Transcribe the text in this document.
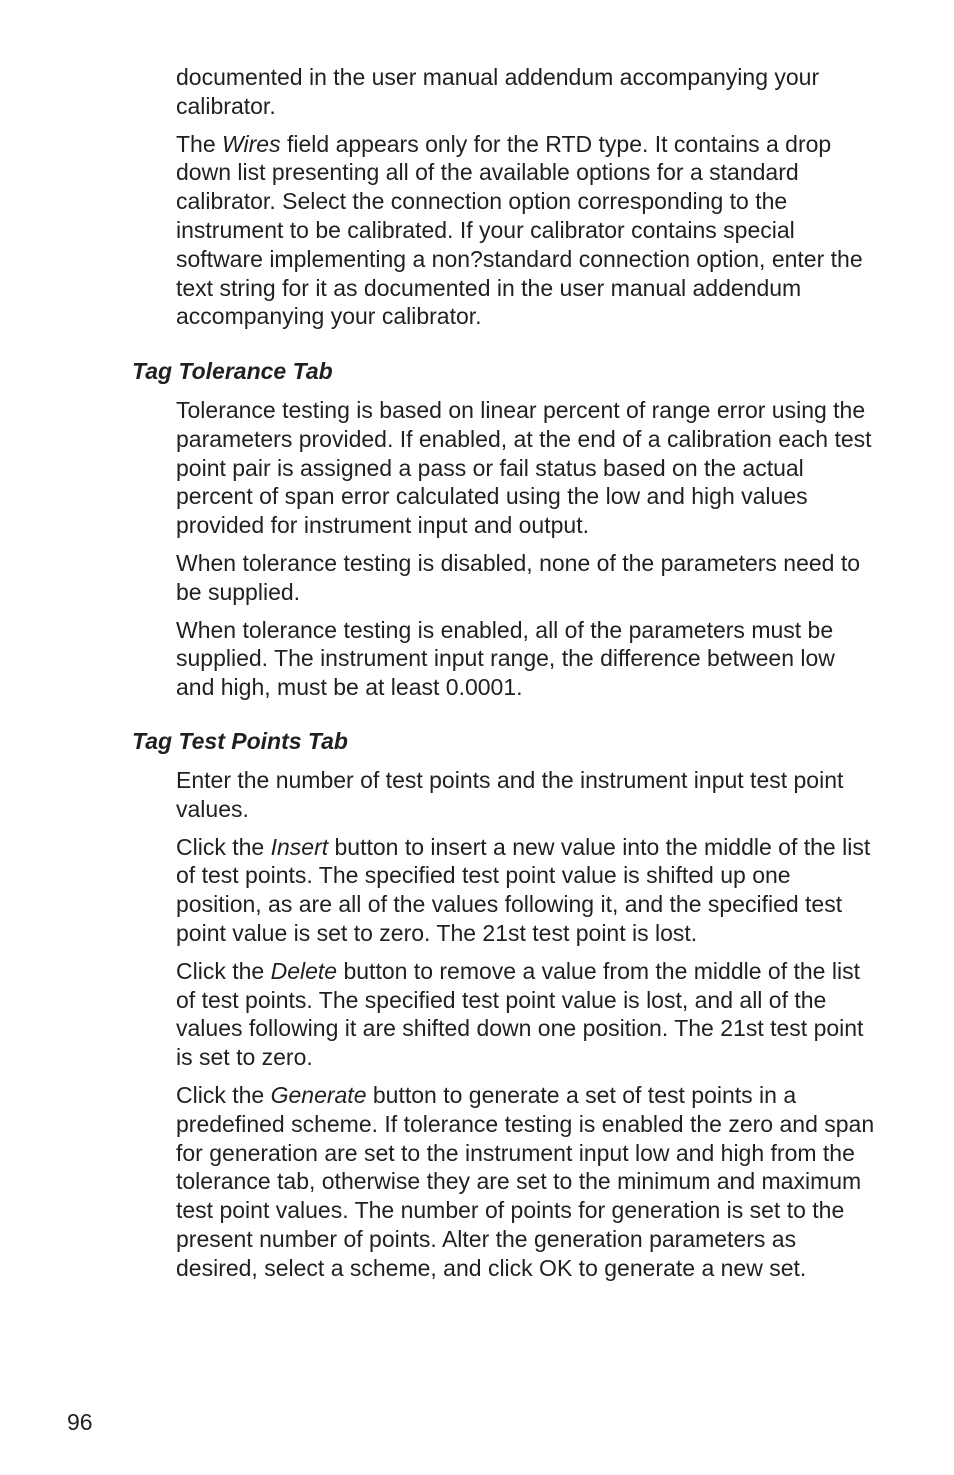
documented in the user manual addendum accompanying your calibrator.

The Wires field appears only for the RTD type. It contains a drop down list presenting all of the available options for a standard calibrator. Select the connection option corresponding to the instrument to be calibrated. If your calibrator contains special software implementing a non?standard connection option, enter the text string for it as documented in the user manual addendum accompanying your calibrator.

Tag Tolerance Tab

Tolerance testing is based on linear percent of range error using the parameters provided. If enabled, at the end of a calibration each test point pair is assigned a pass or fail status based on the actual percent of span error calculated using the low and high values provided for instrument input and output.

When tolerance testing is disabled, none of the parameters need to be supplied.

When tolerance testing is enabled, all of the parameters must be supplied. The instrument input range, the difference between low and high, must be at least 0.0001.

Tag Test Points Tab

Enter the number of test points and the instrument input test point values.

Click the Insert button to insert a new value into the middle of the list of test points. The specified test point value is shifted up one position, as are all of the values following it, and the specified test point value is set to zero. The 21st test point is lost.

Click the Delete button to remove a value from the middle of the list of test points. The specified test point value is lost, and all of the values following it are shifted down one position. The 21st test point is set to zero.

Click the Generate button to generate a set of test points in a predefined scheme. If tolerance testing is enabled the zero and span for generation are set to the instrument input low and high from the tolerance tab, otherwise they are set to the minimum and maximum test point values. The number of points for generation is set to the present number of points. Alter the generation parameters as desired, select a scheme, and click OK to generate a new set.

96
